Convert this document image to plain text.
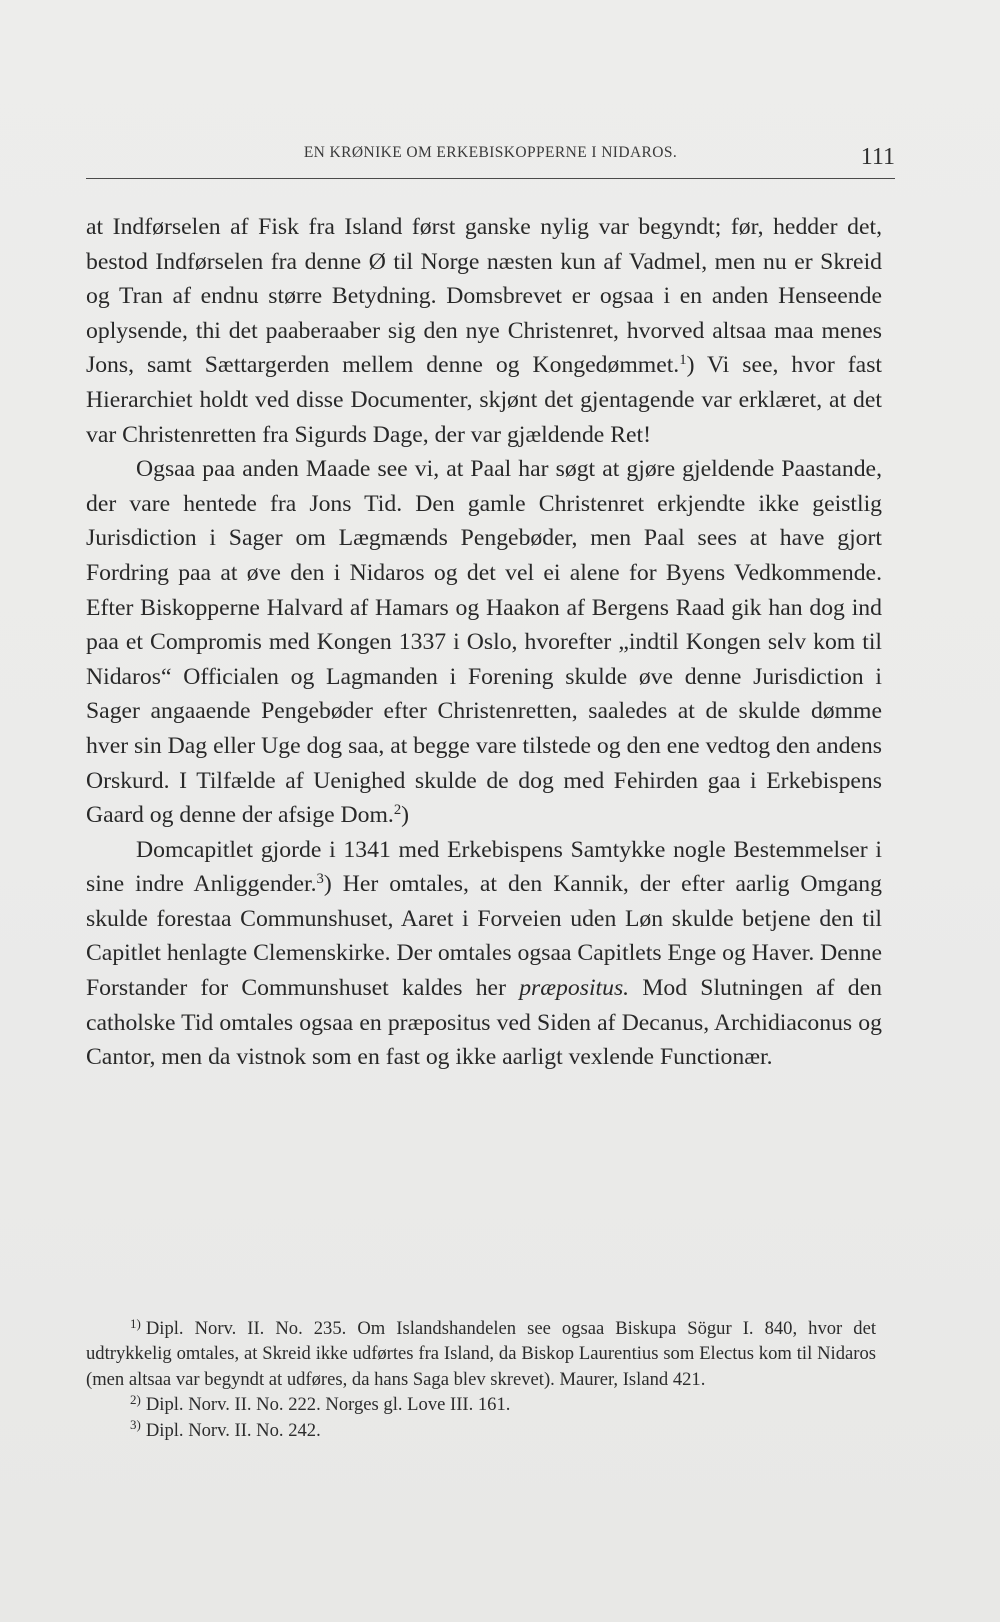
EN KRØNIKE OM ERKEBISKOPPERNE I NIDAROS.	111

at Indførselen af Fisk fra Island først ganske nylig var begyndt; før, hedder det, bestod Indførselen fra denne Ø til Norge næsten kun af Vadmel, men nu er Skreid og Tran af endnu større Betydning. Domsbrevet er ogsaa i en anden Henseende oplysende, thi det paaberaaber sig den nye Christenret, hvorved altsaa maa menes Jons, samt Sættargerden mellem denne og Kongedømmet.$^1$) Vi see, hvor fast Hierarchiet holdt ved disse Documenter, skjønt det gjentagende var erklæret, at det var Christenretten fra Sigurds Dage, der var gjældende Ret!

Ogsaa paa anden Maade see vi, at Paal har søgt at gjøre gjeldende Paastande, der vare hentede fra Jons Tid. Den gamle Christenret erkjendte ikke geistlig Jurisdiction i Sager om Lægmænds Pengebøder, men Paal sees at have gjort Fordring paa at øve den i Nidaros og det vel ei alene for Byens Vedkommende. Efter Biskopperne Halvard af Hamars og Haakon af Bergens Raad gik han dog ind paa et Compromis med Kongen 1337 i Oslo, hvorefter „indtil Kongen selv kom til Nidaros“ Officialen og Lagmanden i Forening skulde øve denne Jurisdiction i Sager angaaende Pengebøder efter Christenretten, saaledes at de skulde dømme hver sin Dag eller Uge dog saa, at begge vare tilstede og den ene vedtog den andens Orskurd. I Tilfælde af Uenighed skulde de dog med Fehirden gaa i Erkebispens Gaard og denne der afsige Dom.$^2$)

Domcapitlet gjorde i 1341 med Erkebispens Samtykke nogle Bestemmelser i sine indre Anliggender.$^3$) Her omtales, at den Kannik, der efter aarlig Omgang skulde forestaa Communshuset, Aaret i Forveien uden Løn skulde betjene den til Capitlet henlagte Clemenskirke. Der omtales ogsaa Capitlets Enge og Haver. Denne Forstander for Communshuset kaldes her præpositus. Mod Slutningen af den catholske Tid omtales ogsaa en præpositus ved Siden af Decanus, Archidiaconus og Cantor, men da vistnok som en fast og ikke aarligt vexlende Functionær.

$^{1)}$ Dipl. Norv. II. No. 235. Om Islandshandelen see ogsaa Biskupa Sögur I. 840, hvor det udtrykkelig omtales, at Skreid ikke udførtes fra Island, da Biskop Laurentius som Electus kom til Nidaros (men altsaa var begyndt at udføres, da hans Saga blev skrevet). Maurer, Island 421.

$^{2)}$ Dipl. Norv. II. No. 222. Norges gl. Love III. 161.

$^{3)}$ Dipl. Norv. II. No. 242.
